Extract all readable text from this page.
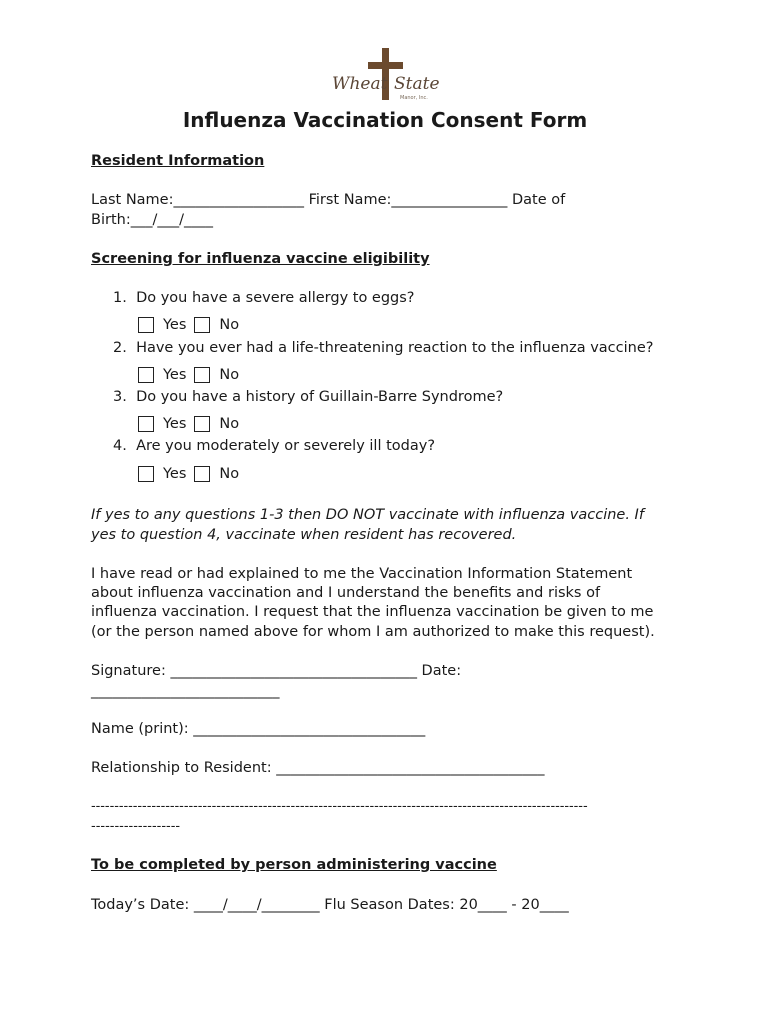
Wheat State
Manor, Inc.
Influenza Vaccination Consent Form
Resident Information
Last Name:__________________ First Name:________________ Date of
Birth:___/___/____
Screening for influenza vaccine eligibility
1. Do you have a severe allergy to eggs?
Yes No
2. Have you ever had a life-threatening reaction to the influenza vaccine?
Yes No
3. Do you have a history of Guillain-Barre Syndrome?
Yes No
4. Are you moderately or severely ill today?
Yes No
If yes to any questions 1-3 then DO NOT vaccinate with influenza vaccine. If
yes to question 4, vaccinate when resident has recovered.
I have read or had explained to me the Vaccination Information Statement
about influenza vaccination and I understand the benefits and risks of
influenza vaccination. I request that the influenza vaccination be given to me
(or the person named above for whom I am authorized to make this request).
Signature: __________________________________ Date:
__________________________
Name (print): ________________________________
Relationship to Resident: _____________________________________
-----------------------------------------------------------------------------------------------------------
-------------------
To be completed by person administering vaccine
Today’s Date: ____/____/________ Flu Season Dates: 20____ - 20____
